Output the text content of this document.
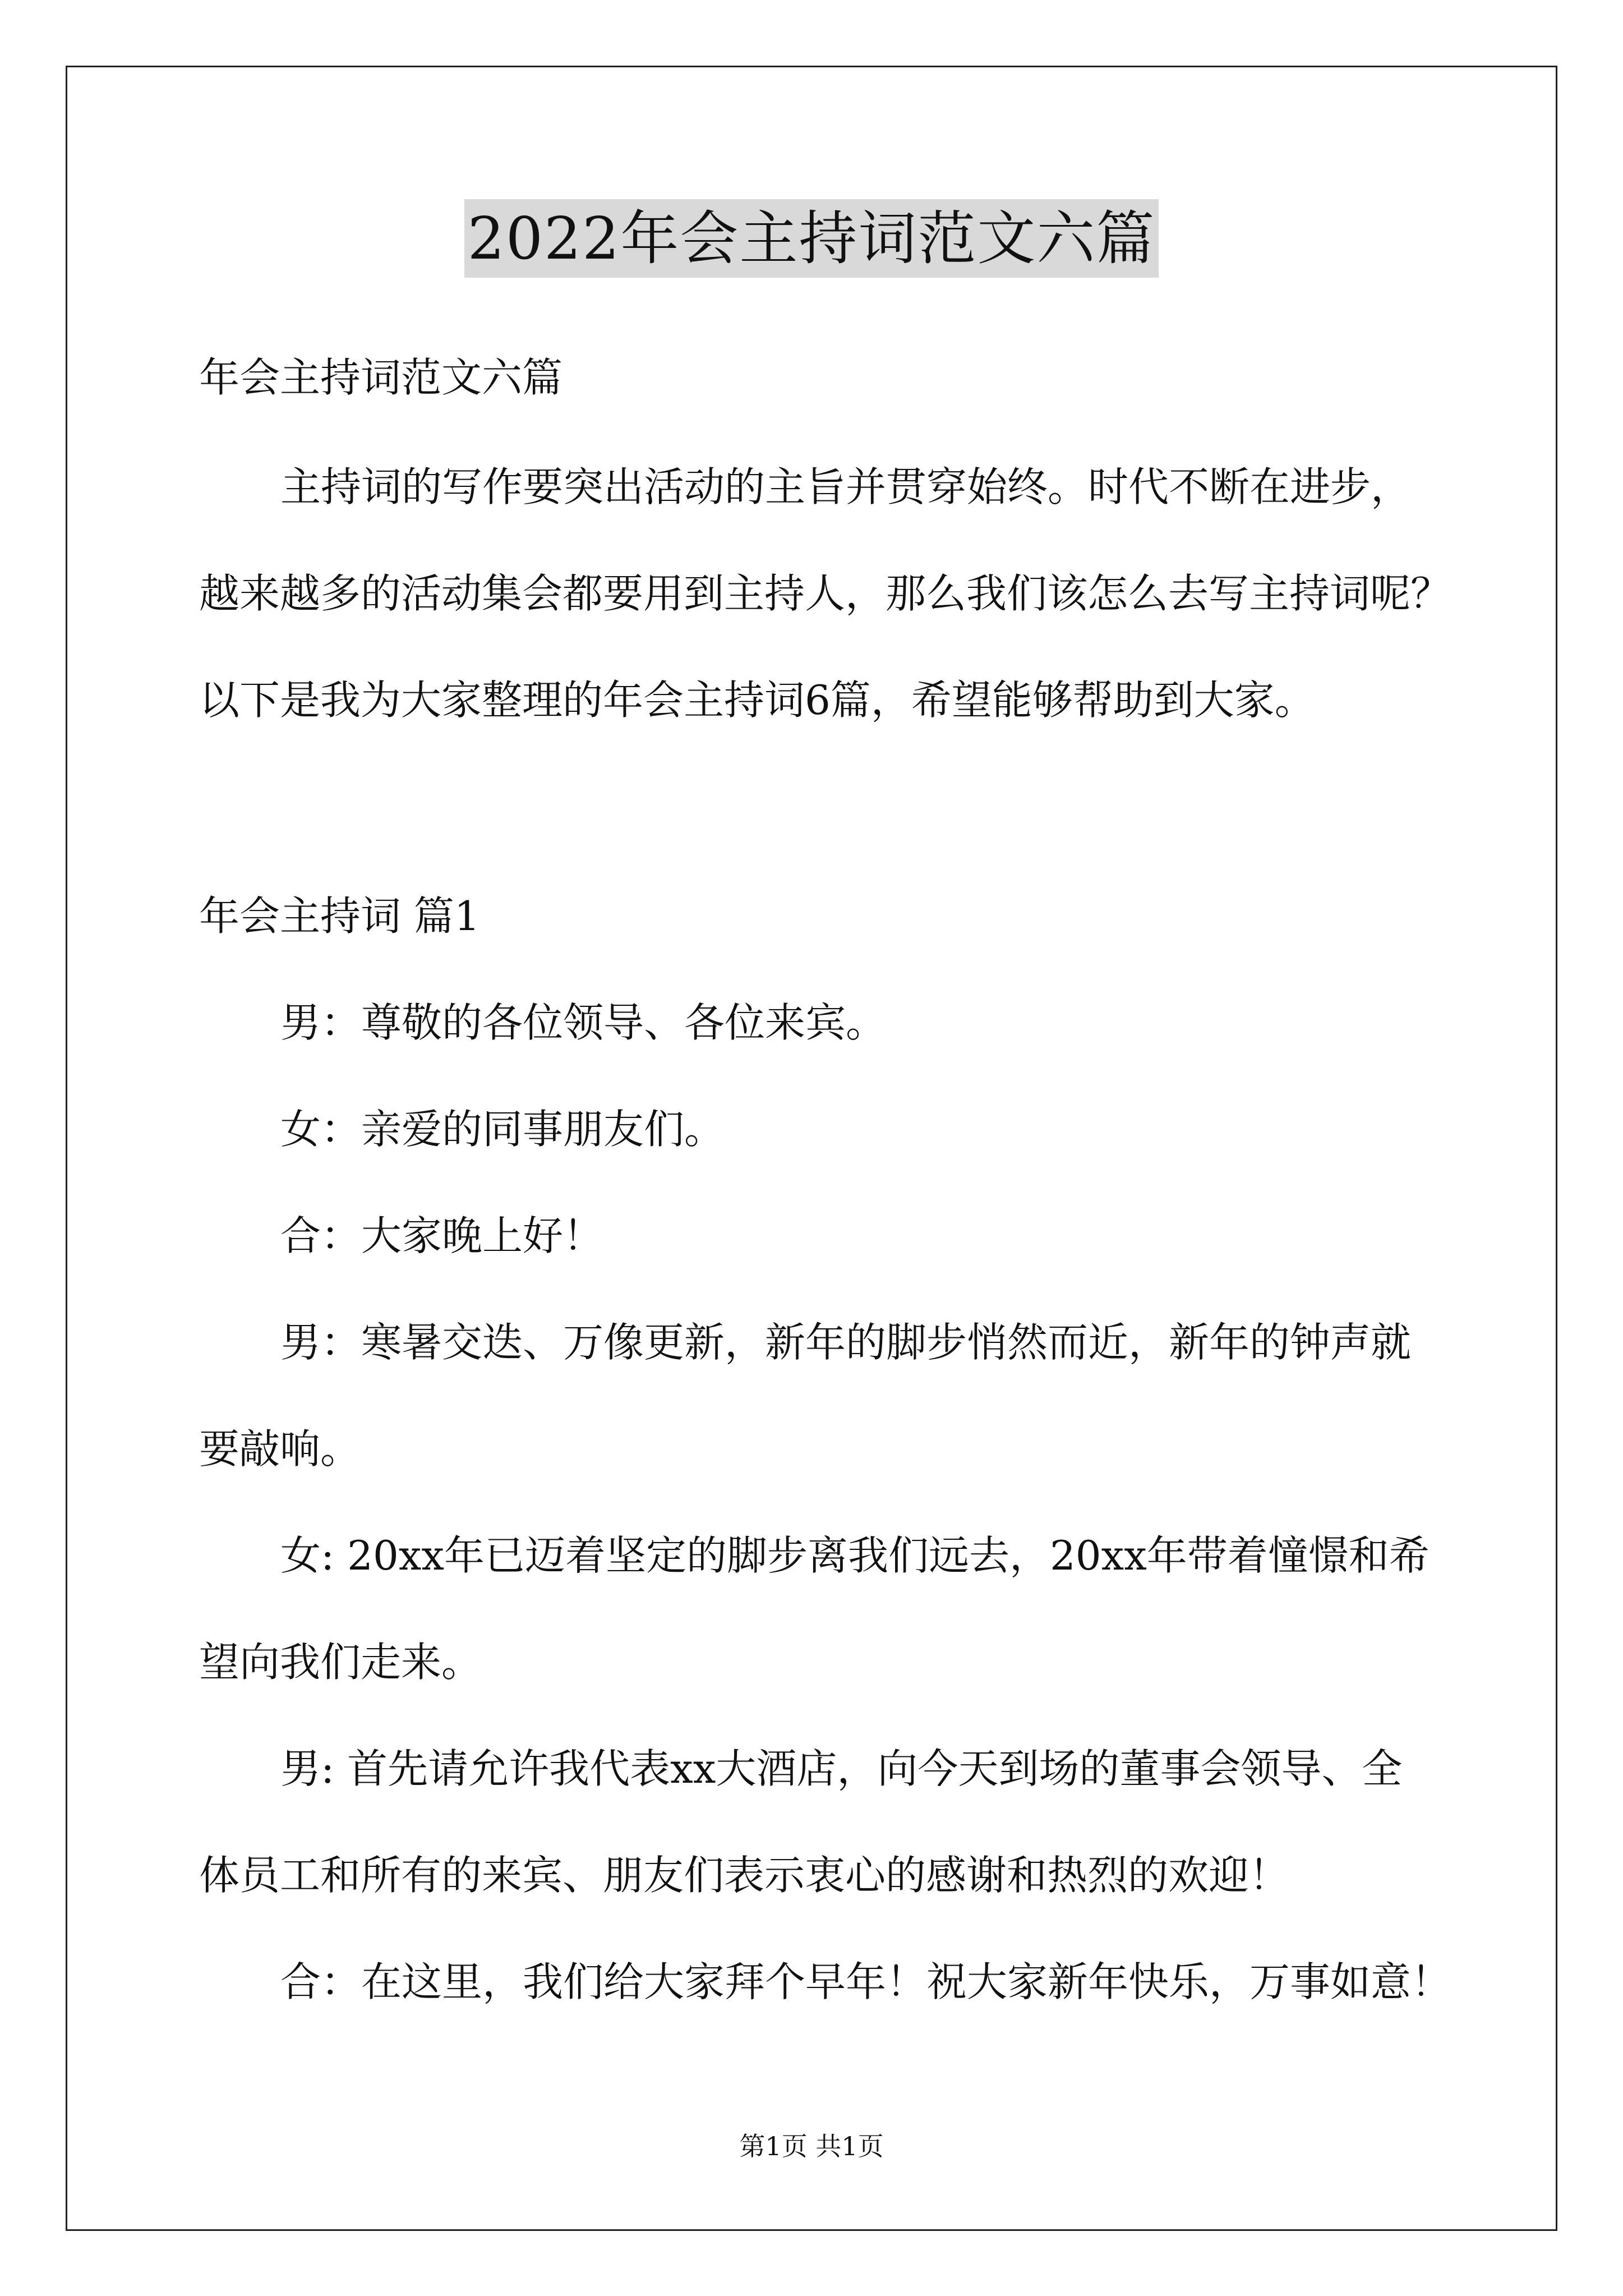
2022年会主持词范文六篇
年会主持词范文六篇
主持词的写作要突出活动的主旨并贯穿始终。时代不断在进步，
越来越多的活动集会都要用到主持人，那么我们该怎么去写主持词呢？
以下是我为大家整理的年会主持词6篇，希望能够帮助到大家。
年会主持词 篇1
男：尊敬的各位领导、各位来宾。
女：亲爱的同事朋友们。
合：大家晚上好！
男：寒暑交迭、万像更新，新年的脚步悄然而近，新年的钟声就
要敲响。
女: 20xx年已迈着坚定的脚步离我们远去，20xx年带着憧憬和希
望向我们走来。
男: 首先请允许我代表xx大酒店，向今天到场的董事会领导、全
体员工和所有的来宾、朋友们表示衷心的感谢和热烈的欢迎！
合：在这里，我们给大家拜个早年！祝大家新年快乐，万事如意！
第1页 共1页
